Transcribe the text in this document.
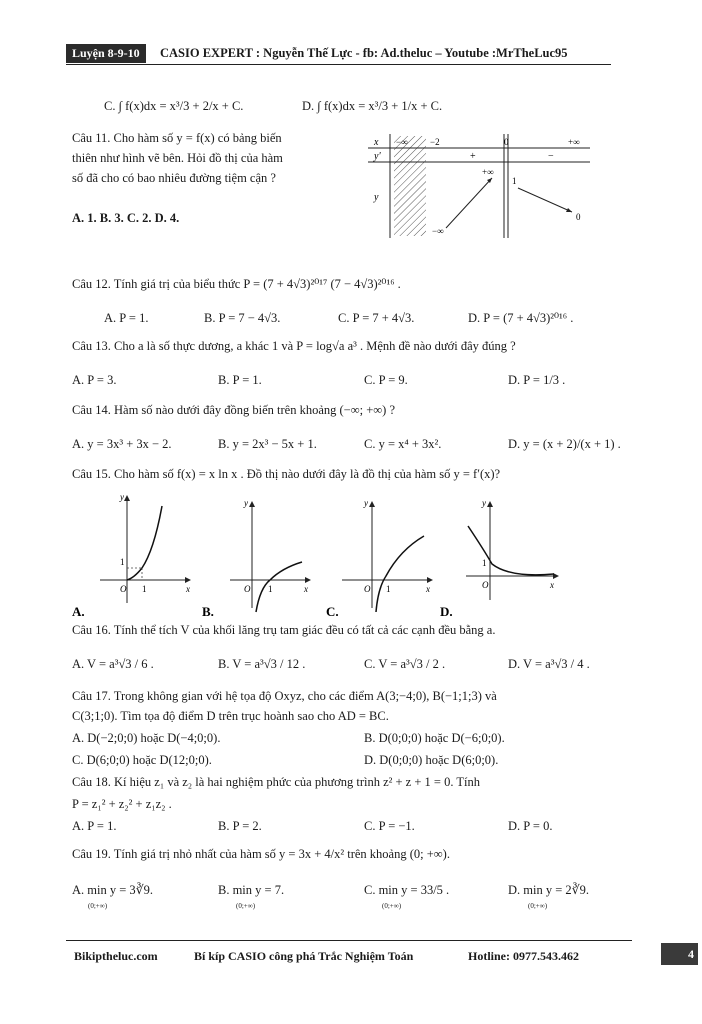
Luyện 8-9-10	CASIO EXPERT : Nguyễn Thế Lực - fb: Ad.theluc – Youtube :MrTheLuc95
C. ∫ f(x)dx = x³/3 + 2/x + C.	D. ∫ f(x)dx = x³/3 + 1/x + C.
Câu 11. Cho hàm số y = f(x) có bảng biến
thiên như hình vẽ bên. Hỏi đồ thị của hàm
số đã cho có bao nhiêu đường tiệm cận ?
A. 1. B. 3. C. 2. D. 4.
x
y'
y
−∞	−2	0	+∞
+	−
+∞
1
−∞
0
Câu 12. Tính giá trị của biểu thức P = (7 + 4√3)²⁰¹⁷ (7 − 4√3)²⁰¹⁶ .
A. P = 1.	B. P = 7 − 4√3.	C. P = 7 + 4√3.	D. P = (7 + 4√3)²⁰¹⁶ .
Câu 13. Cho a là số thực dương, a khác 1 và P = log√a a³ . Mệnh đề nào dưới đây đúng ?
A. P = 3.	B. P = 1.	C. P = 9.	D. P = 1/3 .
Câu 14. Hàm số nào dưới đây đồng biến trên khoảng (−∞; +∞) ?
A. y = 3x³ + 3x − 2.	B. y = 2x³ − 5x + 1.	C. y = x⁴ + 3x².	D. y = (x + 2)/(x + 1) .
Câu 15. Cho hàm số f(x) = x ln x . Đồ thị nào dưới đây là đồ thị của hàm số y = f′(x)?
O 1
1
y
x
A.
O 1
y
x
B.
O 1
y
x
C.
O
1
y
x
D.
Câu 16. Tính thể tích V của khối lăng trụ tam giác đều có tất cả các cạnh đều bằng a.
A. V = a³√3 / 6 .	B. V = a³√3 / 12 .	C. V = a³√3 / 2 .	D. V = a³√3 / 4 .
Câu 17. Trong không gian với hệ tọa độ Oxyz, cho các điểm A(3;−4;0), B(−1;1;3) và
C(3;1;0). Tìm tọa độ điểm D trên trục hoành sao cho AD = BC.
A. D(−2;0;0) hoặc D(−4;0;0).	B. D(0;0;0) hoặc D(−6;0;0).
C. D(6;0;0) hoặc D(12;0;0).	D. D(0;0;0) hoặc D(6;0;0).
Câu 18. Kí hiệu z₁ và z₂ là hai nghiệm phức của phương trình z² + z + 1 = 0. Tính
P = z₁² + z₂² + z₁z₂ .
A. P = 1.	B. P = 2.	C. P = −1.	D. P = 0.
Câu 19. Tính giá trị nhỏ nhất của hàm số y = 3x + 4/x² trên khoảng (0; +∞).
A. min y = 3∛9.	B. min y = 7.	C. min y = 33/5 .	D. min y = 2∛9.
(0;+∞)	(0;+∞)	(0;+∞)	(0;+∞)
Bikiptheluc.com	Bí kíp CASIO công phá Trắc Nghiệm Toán	Hotline: 0977.543.462	4
